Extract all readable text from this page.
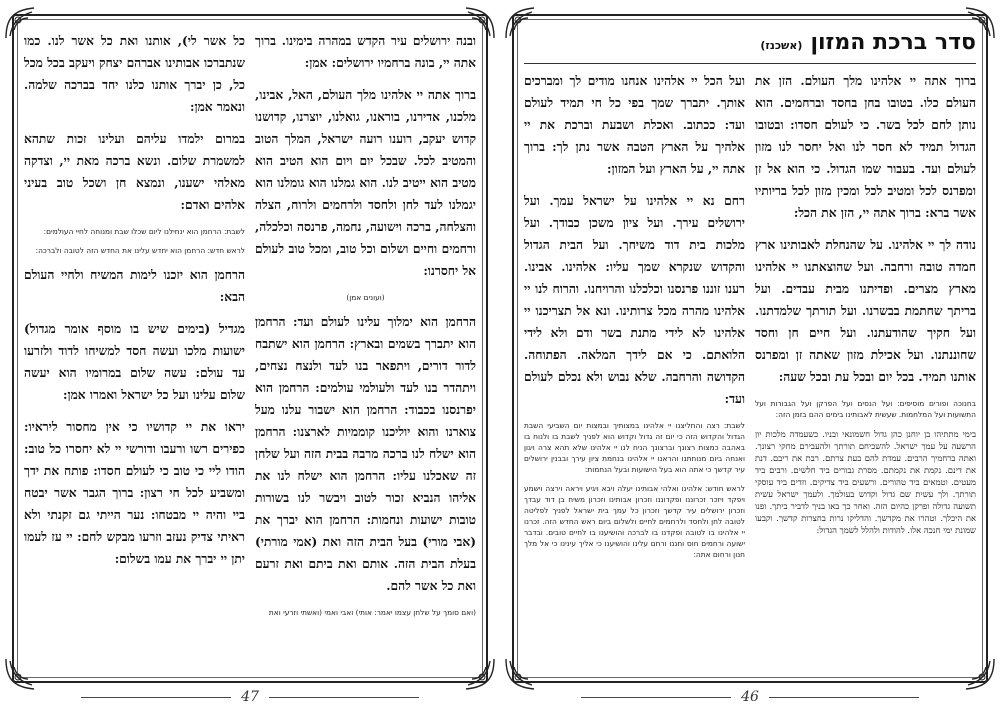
ובנה ירושלים עיר הקדש במהרה בימינו. ברוך אתה יי, בונה ברחמיו ירושלים: אמן:
ברוך אתה יי אלהינו מלך העולם, האל, אבינו, מלכנו, אדירנו, בוראנו, גואלנו, יוצרנו, קדושנו קדוש יעקב, רוענו רועה ישראל, המלך הטוב והמטיב לכל. שבכל יום ויום הוא הטיב הוא מטיב הוא ייטיב לנו. הוא גמלנו הוא גומלנו הוא יגמלנו לעד לחן ולחסד ולרחמים ולרוח, הצלה והצלחה, ברכה וישועה, נחמה, פרנסה וכלכלה, ורחמים וחיים ושלום וכל טוב, ומכל טוב לעולם אל יחסרנו:
(ועונים אמן)
הרחמן הוא ימלוך עלינו לעולם ועד: הרחמן הוא יתברך בשמים ובארץ: הרחמן הוא ישתבח לדור דורים, ויתפאר בנו לעד ולנצח נצחים, ויתהדר בנו לעד ולעולמי עולמים: הרחמן הוא יפרנסנו בכבוד: הרחמן הוא ישבור עלנו מעל צוארנו והוא יוליכנו קוממיות לארצנו: הרחמן הוא ישלח לנו ברכה מרבה בבית הזה ועל שלחן זה שאכלנו עליו: הרחמן הוא ישלח לנו את אליהו הנביא זכור לטוב ויבשר לנו בשורות טובות ישועות ונחמות: הרחמן הוא יברך את (אבי מורי) בעל הבית הזה ואת (אמי מורתי) בעלת הבית הזה. אותם ואת ביתם ואת זרעם ואת כל אשר להם.
(ואם סומך על שלחן עצמו יאמר: אותי) ואבי ואמי (ואשתי וזרעי ואת
כל אשר לי), אותנו ואת כל אשר לנו. כמו שנתברכו אבותינו אברהם יצחק ויעקב בכל מכל כל, כן יברך אותנו כלנו יחד בברכה שלמה. ונאמר אמן:
במרום ילמדו עליהם ועלינו זכות שתהא למשמרת שלום. ונשא ברכה מאת יי, וצדקה מאלהי ישענו, ונמצא חן ושכל טוב בעיני אלהים ואדם:
לשבת: הרחמן הוא ינחילנו ליום שכלו שבת ומנוחה לחיי העולמים:
לראש חדש: הרחמן הוא יחדש עלינו את החדש הזה לטובה ולברכה:
הרחמן הוא יזכנו לימות המשיח ולחיי העולם הבא:
מגדיל (בימים שיש בו מוסף אומר מגדול) ישועות מלכו ועשה חסד למשיחו לדוד ולזרעו עד עולם: עשה שלום במרומיו הוא יעשה שלום עלינו ועל כל ישראל ואמרו אמן:
יראו את יי קדושיו כי אין מחסור ליראיו: כפירים רשו ורעבו ודורשי יי לא יחסרו כל טוב: הודו ליי כי טוב כי לעולם חסדו: פותח את ידך ומשביע לכל חי רצון: ברוך הגבר אשר יבטח ביי והיה יי מבטחו: נער הייתי גם זקנתי ולא ראיתי צדיק נעזב וזרעו מבקש לחם: יי עז לעמו יתן יי יברך את עמו בשלום:
47
סדר ברכת המזון
(אשכנז)
ברוך אתה יי אלהינו מלך העולם. הזן את העולם כלו. בטובו בחן בחסד וברחמים. הוא נותן לחם לכל בשר. כי לעולם חסדו: ובטובו הגדול תמיד לא חסר לנו ואל יחסר לנו מזון לעולם ועד. בעבור שמו הגדול. כי הוא אל זן ומפרנס לכל ומטיב לכל ומכין מזון לכל בריותיו אשר ברא: ברוך אתה יי, הזן את הכל:
נודה לך יי אלהינו. על שהנחלת לאבותינו ארץ חמדה טובה ורחבה. ועל שהוצאתנו יי אלהינו מארץ מצרים. ופדיתנו מבית עבדים. ועל בריתך שחתמת בבשרנו. ועל תורתך שלמדתנו. ועל חקיך שהודעתנו. ועל חיים חן וחסד שחוננתנו. ועל אכילת מזון שאתה זן ומפרנס אותנו תמיד. בכל יום ובכל עת ובכל שעה:
בחנוכה ופורים מוסיפים: ועל הנסים ועל הפרקן ועל הגבורות ועל התשועות ועל המלחמות. שעשית לאבותינו בימים ההם בזמן הזה:
בימי מתתיהו בן יוחנן כהן גדול חשמונאי ובניו. כשעמדה מלכות יון הרשעה על עמך ישראל. להשכיחם תורתך ולהעבירם מחקי רצונך. ואתה ברחמיך הרבים. עמדת להם בעת צרתם. רבת את ריבם. דנת את דינם. נקמת את נקמתם. מסרת גבורים ביד חלשים. ורבים ביד מעטים. וטמאים ביד טהורים. ורשעים ביד צדיקים. וזדים ביד עוסקי תורתך. ולך עשית שם גדול וקדוש בעולמך. ולעמך ישראל עשית תשועה גדולה ופרקן כהיום הזה. ואחר כך באו בניך לדביר ביתך. ופנו את היכלך. וטהרו את מקדשך. והדליקו נרות בחצרות קדשך. וקבעו שמונת ימי חנכה אלו. להודות ולהלל לשמך הגדול:
ועל הכל יי אלהינו אנחנו מודים לך ומברכים אותך. יתברך שמך בפי כל חי תמיד לעולם ועד: ככתוב. ואכלת ושבעת וברכת את יי אלהיך על הארץ הטבה אשר נתן לך: ברוך אתה יי, על הארץ ועל המזון:
רחם נא יי אלהינו על ישראל עמך. ועל ירושלים עירך. ועל ציון משכן כבודך. ועל מלכות בית דוד משיחך. ועל הבית הגדול והקדוש שנקרא שמך עליו: אלהינו. אבינו. רענו זוננו פרנסנו וכלכלנו והרויחנו. והרוח לנו יי אלהינו מהרה מכל צרותינו. ונא אל תצריכנו יי אלהינו לא לידי מתנת בשר ודם ולא לידי הלואתם. כי אם לידך המלאה. הפתוחה. הקדושה והרחבה. שלא נבוש ולא נכלם לעולם ועד:
לשבת: רצה והחליצנו יי אלהינו במצותיך ובמצות יום השביעי השבת הגדול והקדוש הזה כי יום זה גדול וקדוש הוא לפניך לשבת בו ולנוח בו באהבה כמצות רצונך וברצונך הניח לנו יי אלהינו שלא תהא צרה ויגון ואנחה ביום מנוחתנו והראנו יי אלהינו בנחמת ציון עירך ובבנין ירושלים עיר קדשך כי אתה הוא בעל הישועות ובעל הנחמות:
לראש חודש: אלהינו ואלהי אבותינו יעלה ויבא ויגיע ויראה וירצה וישמע ויפקד ויזכר זכרוננו ופקדוננו וזכרון אבותינו וזכרון משיח בן דוד עבדך וזכרון ירושלים עיר קדשך וזכרון כל עמך בית ישראל לפניך לפליטה לטובה לחן ולחסד ולרחמים לחיים ולשלום ביום ראש החדש הזה. זכרנו יי אלהינו בו לטובה ופקדנו בו לברכה והושיענו בו לחיים טובים. ובדבר ישועה ורחמים חוס וחננו ורחם עלינו והושיענו כי אליך עינינו כי אל מלך חנון ורחום אתה:
46
